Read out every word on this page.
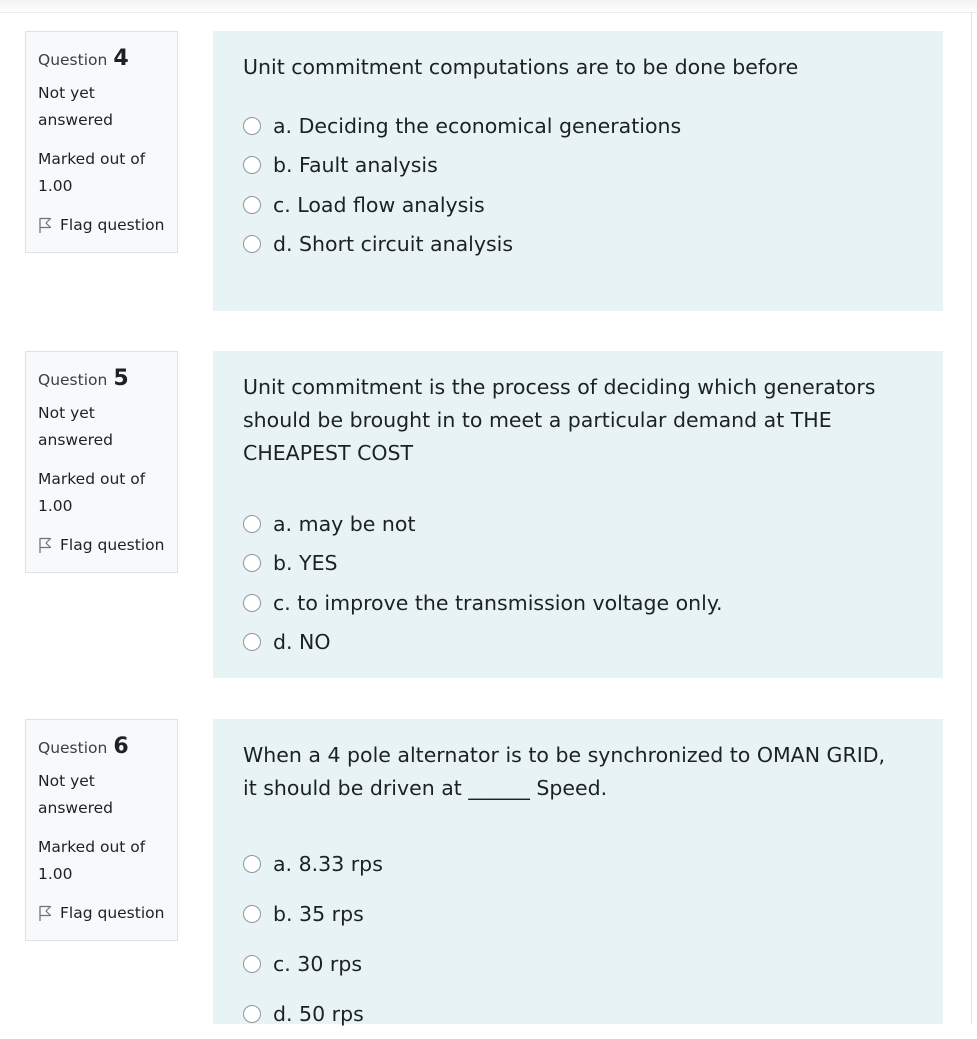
Question 4
Not yet answered
Marked out of 1.00
Flag question
Unit commitment computations are to be done before
a. Deciding the economical generations
b. Fault analysis
c. Load flow analysis
d. Short circuit analysis
Question 5
Not yet answered
Marked out of 1.00
Flag question
Unit commitment is the process of deciding which generators should be brought in to meet a particular demand at THE CHEAPEST COST
a. may be not
b. YES
c. to improve the transmission voltage only.
d. NO
Question 6
Not yet answered
Marked out of 1.00
Flag question
When a 4 pole alternator is to be synchronized to OMAN GRID, it should be driven at ______ Speed.
a. 8.33 rps
b. 35 rps
c. 30 rps
d. 50 rps
